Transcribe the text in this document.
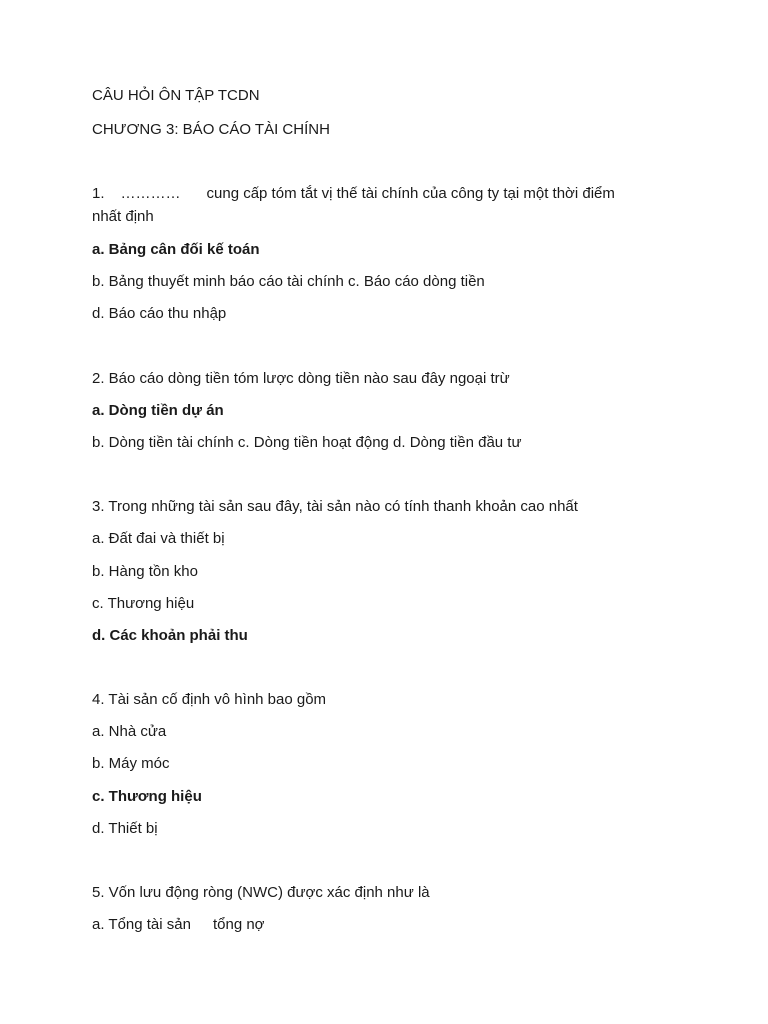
CÂU HỎI ÔN TẬP TCDN
CHƯƠNG 3: BÁO CÁO TÀI CHÍNH
1. ………… cung cấp tóm tắt vị thế tài chính của công ty tại một thời điểm
nhất định
a. Bảng cân đối kế toán
b. Bảng thuyết minh báo cáo tài chính c. Báo cáo dòng tiền
d. Báo cáo thu nhập
2. Báo cáo dòng tiền tóm lược dòng tiền nào sau đây ngoại trừ
a. Dòng tiền dự án
b. Dòng tiền tài chính c. Dòng tiền hoạt động d. Dòng tiền đầu tư
3. Trong những tài sản sau đây, tài sản nào có tính thanh khoản cao nhất
a. Đất đai và thiết bị
b. Hàng tồn kho
c. Thương hiệu
d. Các khoản phải thu
4. Tài sản cố định vô hình bao gồm
a. Nhà cửa
b. Máy móc
c. Thương hiệu
d. Thiết bị
5. Vốn lưu động ròng (NWC) được xác định như là
a. Tổng tài sản tổng nợ
